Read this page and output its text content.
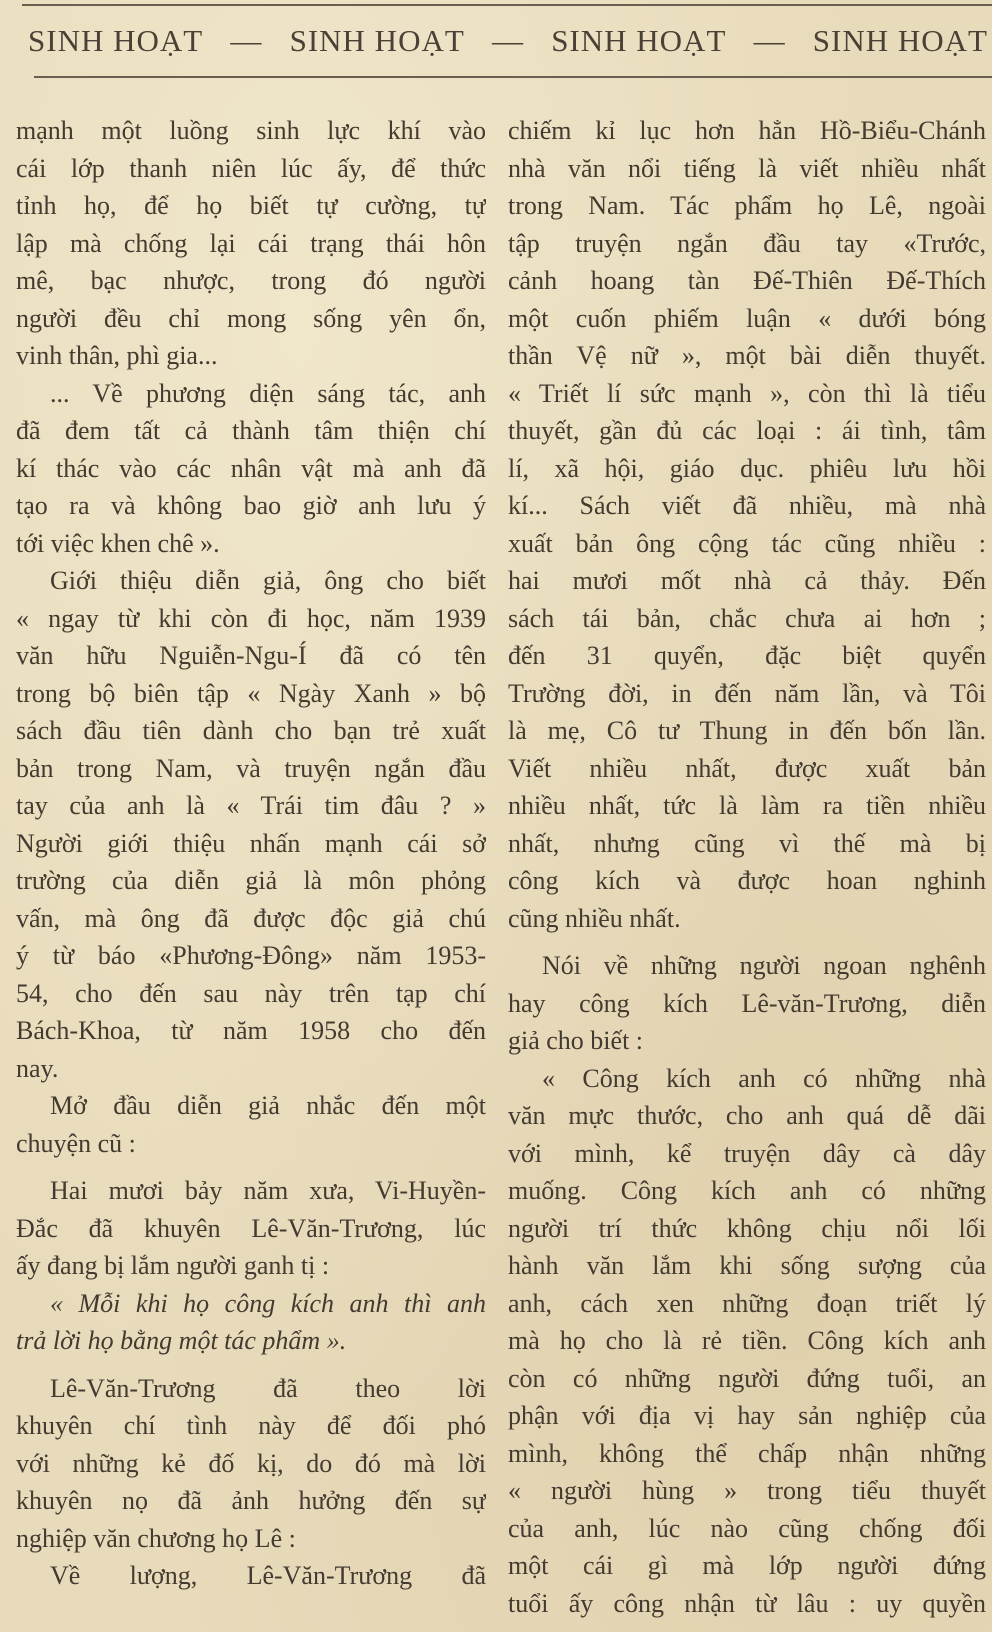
SINH HOẠT — SINH HOẠT — SINH HOẠT — SINH HOẠT
mạnh một luồng sinh lực khí vào
cái lớp thanh niên lúc ấy, để thức
tỉnh họ, để họ biết tự cường, tự
lập mà chống lại cái trạng thái hôn
mê, bạc nhược, trong đó người
người đều chỉ mong sống yên ổn,
vinh thân, phì gia...
... Về phương diện sáng tác, anh
đã đem tất cả thành tâm thiện chí
kí thác vào các nhân vật mà anh đã
tạo ra và không bao giờ anh lưu ý
tới việc khen chê ».
Giới thiệu diễn giả, ông cho biết
« ngay từ khi còn đi học, năm 1939
văn hữu Nguiễn-Ngu-Í đã có tên
trong bộ biên tập « Ngày Xanh » bộ
sách đầu tiên dành cho bạn trẻ xuất
bản trong Nam, và truyện ngắn đầu
tay của anh là « Trái tim đâu ? »
Người giới thiệu nhấn mạnh cái sở
trường của diễn giả là môn phỏng
vấn, mà ông đã được độc giả chú
ý từ báo «Phương-Đông» năm 1953-
54, cho đến sau này trên tạp chí
Bách-Khoa, từ năm 1958 cho đến
nay.
Mở đầu diễn giả nhắc đến một
chuyện cũ :
Hai mươi bảy năm xưa, Vi-Huyền-
Đắc đã khuyên Lê-Văn-Trương, lúc
ấy đang bị lắm người ganh tị :
« Mỗi khi họ công kích anh thì anh
trả lời họ bằng một tác phẩm ».
Lê-Văn-Trương đã theo lời
khuyên chí tình này để đối phó
với những kẻ đố kị, do đó mà lời
khuyên nọ đã ảnh hưởng đến sự
nghiệp văn chương họ Lê :
Về lượng, Lê-Văn-Trương đã
chiếm kỉ lục hơn hẳn Hồ-Biểu-Chánh
nhà văn nổi tiếng là viết nhiều nhất
trong Nam. Tác phẩm họ Lê, ngoài
tập truyện ngắn đầu tay «Trước,
cảnh hoang tàn Đế-Thiên Đế-Thích
một cuốn phiếm luận « dưới bóng
thần Vệ nữ », một bài diễn thuyết.
« Triết lí sức mạnh », còn thì là tiểu
thuyết, gần đủ các loại : ái tình, tâm
lí, xã hội, giáo dục. phiêu lưu hồi
kí... Sách viết đã nhiều, mà nhà
xuất bản ông cộng tác cũng nhiều :
hai mươi mốt nhà cả thảy. Đến
sách tái bản, chắc chưa ai hơn ;
đến 31 quyển, đặc biệt quyển
Trường đời, in đến năm lần, và Tôi
là mẹ, Cô tư Thung in đến bốn lần.
Viết nhiều nhất, được xuất bản
nhiều nhất, tức là làm ra tiền nhiều
nhất, nhưng cũng vì thế mà bị
công kích và được hoan nghinh
cũng nhiều nhất.
Nói về những người ngoan nghênh
hay công kích Lê-văn-Trương, diễn
giả cho biết :
« Công kích anh có những nhà
văn mực thước, cho anh quá dễ dãi
với mình, kể truyện dây cà dây
muống. Công kích anh có những
người trí thức không chịu nổi lối
hành văn lắm khi sống sượng của
anh, cách xen những đoạn triết lý
mà họ cho là rẻ tiền. Công kích anh
còn có những người đứng tuổi, an
phận với địa vị hay sản nghiệp của
mình, không thể chấp nhận những
« người hùng » trong tiểu thuyết
của anh, lúc nào cũng chống đối
một cái gì mà lớp người đứng
tuổi ấy công nhận từ lâu : uy quyền
